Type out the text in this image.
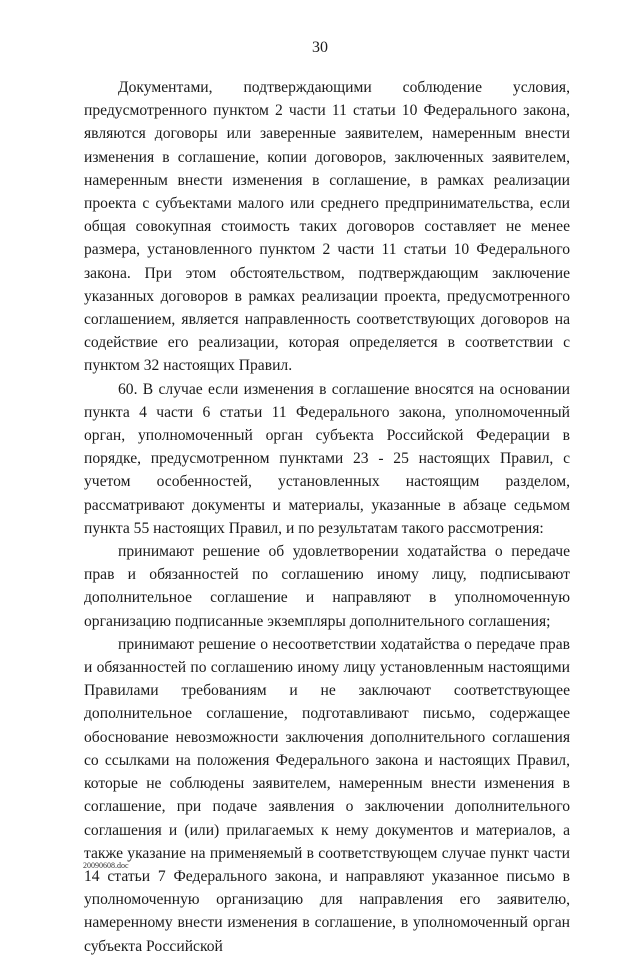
30

Документами, подтверждающими соблюдение условия, предусмотренного пунктом 2 части 11 статьи 10 Федерального закона, являются договоры или заверенные заявителем, намеренным внести изменения в соглашение, копии договоров, заключенных заявителем, намеренным внести изменения в соглашение, в рамках реализации проекта с субъектами малого или среднего предпринимательства, если общая совокупная стоимость таких договоров составляет не менее размера, установленного пунктом 2 части 11 статьи 10 Федерального закона. При этом обстоятельством, подтверждающим заключение указанных договоров в рамках реализации проекта, предусмотренного соглашением, является направленность соответствующих договоров на содействие его реализации, которая определяется в соответствии с пунктом 32 настоящих Правил.

60. В случае если изменения в соглашение вносятся на основании пункта 4 части 6 статьи 11 Федерального закона, уполномоченный орган, уполномоченный орган субъекта Российской Федерации в порядке, предусмотренном пунктами 23 - 25 настоящих Правил, с учетом особенностей, установленных настоящим разделом, рассматривают документы и материалы, указанные в абзаце седьмом пункта 55 настоящих Правил, и по результатам такого рассмотрения:

принимают решение об удовлетворении ходатайства о передаче прав и обязанностей по соглашению иному лицу, подписывают дополнительное соглашение и направляют в уполномоченную организацию подписанные экземпляры дополнительного соглашения;

принимают решение о несоответствии ходатайства о передаче прав и обязанностей по соглашению иному лицу установленным настоящими Правилами требованиям и не заключают соответствующее дополнительное соглашение, подготавливают письмо, содержащее обоснование невозможности заключения дополнительного соглашения со ссылками на положения Федерального закона и настоящих Правил, которые не соблюдены заявителем, намеренным внести изменения в соглашение, при подаче заявления о заключении дополнительного соглашения и (или) прилагаемых к нему документов и материалов, а также указание на применяемый в соответствующем случае пункт части 14 статьи 7 Федерального закона, и направляют указанное письмо в уполномоченную организацию для направления его заявителю, намеренному внести изменения в соглашение, в уполномоченный орган субъекта Российской

20090608.doc
